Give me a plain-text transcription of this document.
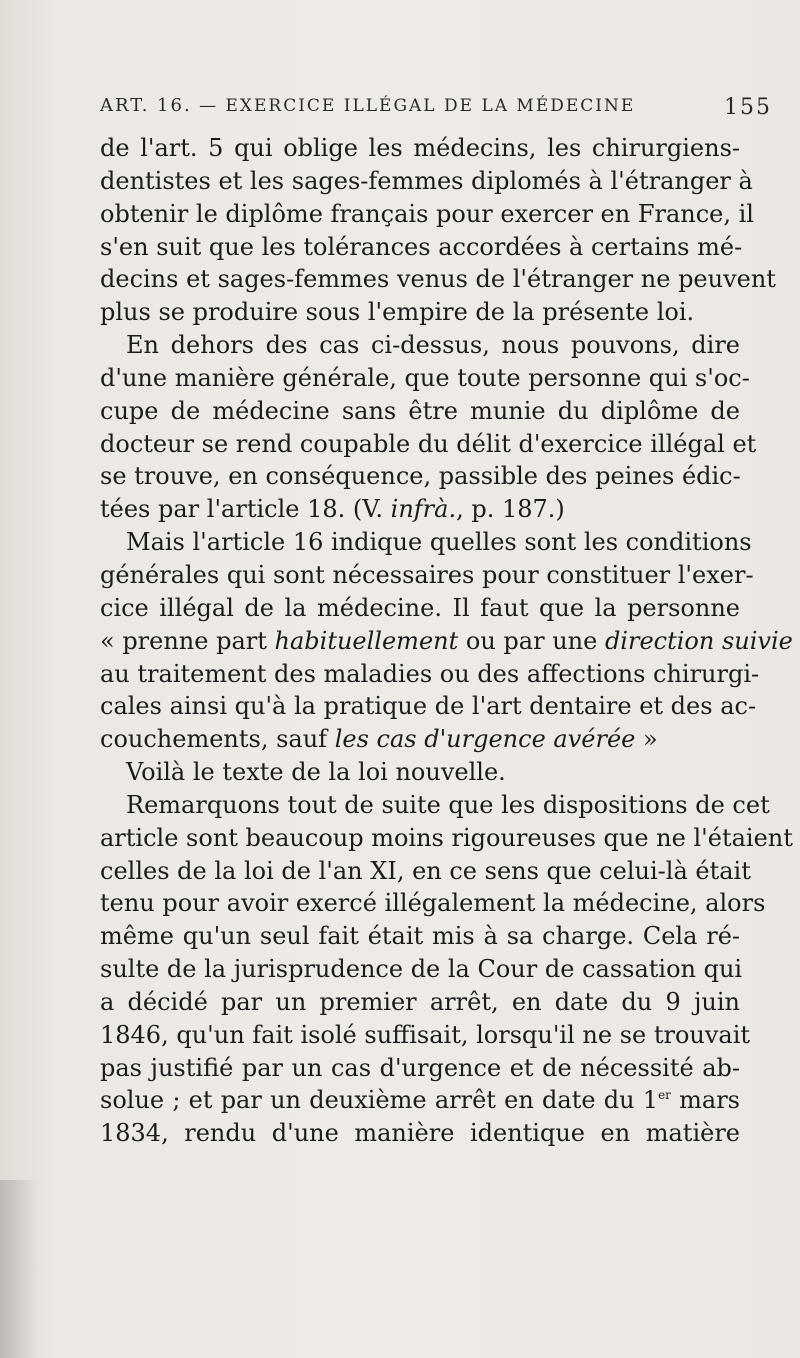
ART. 16. — EXERCICE ILLÉGAL DE LA MÉDECINE	155
de l'art. 5 qui oblige les médecins, les chirurgiens-
dentistes et les sages-femmes diplomés à l'étranger à
obtenir le diplôme français pour exercer en France, il
s'en suit que les tolérances accordées à certains mé-
decins et sages-femmes venus de l'étranger ne peuvent
plus se produire sous l'empire de la présente loi.
En dehors des cas ci-dessus, nous pouvons, dire
d'une manière générale, que toute personne qui s'oc-
cupe de médecine sans être munie du diplôme de
docteur se rend coupable du délit d'exercice illégal et
se trouve, en conséquence, passible des peines édic-
tées par l'article 18. (V. infrà., p. 187.)
Mais l'article 16 indique quelles sont les conditions
générales qui sont nécessaires pour constituer l'exer-
cice illégal de la médecine. Il faut que la personne
« prenne part habituellement ou par une direction suivie
au traitement des maladies ou des affections chirurgi-
cales ainsi qu'à la pratique de l'art dentaire et des ac-
couchements, sauf les cas d'urgence avérée »
Voilà le texte de la loi nouvelle.
Remarquons tout de suite que les dispositions de cet
article sont beaucoup moins rigoureuses que ne l'étaient
celles de la loi de l'an XI, en ce sens que celui-là était
tenu pour avoir exercé illégalement la médecine, alors
même qu'un seul fait était mis à sa charge. Cela ré-
sulte de la jurisprudence de la Cour de cassation qui
a décidé par un premier arrêt, en date du 9 juin
1846, qu'un fait isolé suffisait, lorsqu'il ne se trouvait
pas justifié par un cas d'urgence et de nécessité ab-
solue ; et par un deuxième arrêt en date du 1er mars
1834, rendu d'une manière identique en matière
